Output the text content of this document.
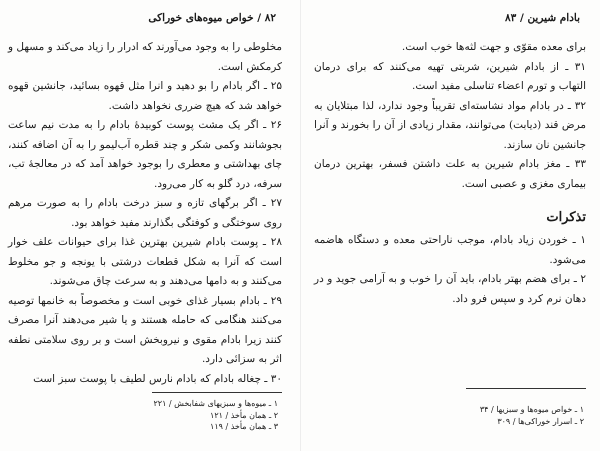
بادام شیرین / ۸۳

برای معده مقوّی و جهت لثه‌ها خوب است.

۳۱ ـ از بادام شیرین، شربتی تهیه می‌کنند که برای درمان التهاب و تورم اعضاء تناسلی مفید است.

۳۲ ـ در بادام مواد نشاسته‌ای تقریباً وجود ندارد، لذا مبتلایان به مرض قند (دیابت) می‌توانند، مقدار زیادی از آن را بخورند و آنرا جانشین نان سازند.

۳۳ ـ مغز بادام شیرین به علت داشتن فسفر، بهترین درمان بیماری مغزی و عصبی است.

تذکرات

۱ ـ خوردن زیاد بادام، موجب ناراحتی معده و دستگاه هاضمه می‌شود.

۲ ـ برای هضم بهتر بادام، باید آن را خوب و به آرامی جوید و در دهان نرم کرد و سپس فرو داد.

۱ ـ خواص میوه‌ها و سبزیها / ۳۴
۲ ـ اسرار خوراکی‌ها / ۳۰۹
۸۲ / خواص میوه‌های خوراکی

مخلوطی را به وجود می‌آورند که ادرار را زیاد می‌کند و مسهل و کرمکش است.

۲۵ ـ اگر بادام را بو دهید و انرا مثل قهوه بسائید، جانشین قهوه خواهد شد که هیچ ضرری نخواهد داشت.

۲۶ ـ اگر یک مشت پوست کوبیدهٔ بادام را به مدت نیم ساعت بجوشانند وکمی شکر و چند قطره آب‌لیمو را به آن اضافه کنند، چای بهداشتی و معطری را بوجود خواهد آمد که در معالجهٔ تب، سرفه، درد گلو به کار می‌رود.

۲۷ ـ اگر برگهای تازه و سبز درخت بادام را به صورت مرهم روی سوختگی و کوفتگی بگذارند مفید خواهد بود.

۲۸ ـ پوست بادام شیرین بهترین غذا برای حیوانات علف خوار است که آنرا به شکل قطعات درشتی با یونجه و جو مخلوط می‌کنند و به دامها می‌دهند و به سرعت چاق می‌شوند.

۲۹ ـ بادام بسیار غذای خوبی است و مخصوصاً به خانمها توصیه می‌کنند هنگامی که حامله هستند و یا شیر می‌دهند آنرا مصرف کنند زیرا بادام مقوی و نیروبخش است و بر روی سلامتی نطفه اثر به سزائی دارد.

۳۰ ـ چغاله بادام که بادام نارس لطیف با پوست سبز است

۱ ـ میوه‌ها و سبزیهای شفابخش / ۲۲۱
۲ ـ همان مأخذ / ۱۲۱
۳ ـ همان مأخذ / ۱۱۹
